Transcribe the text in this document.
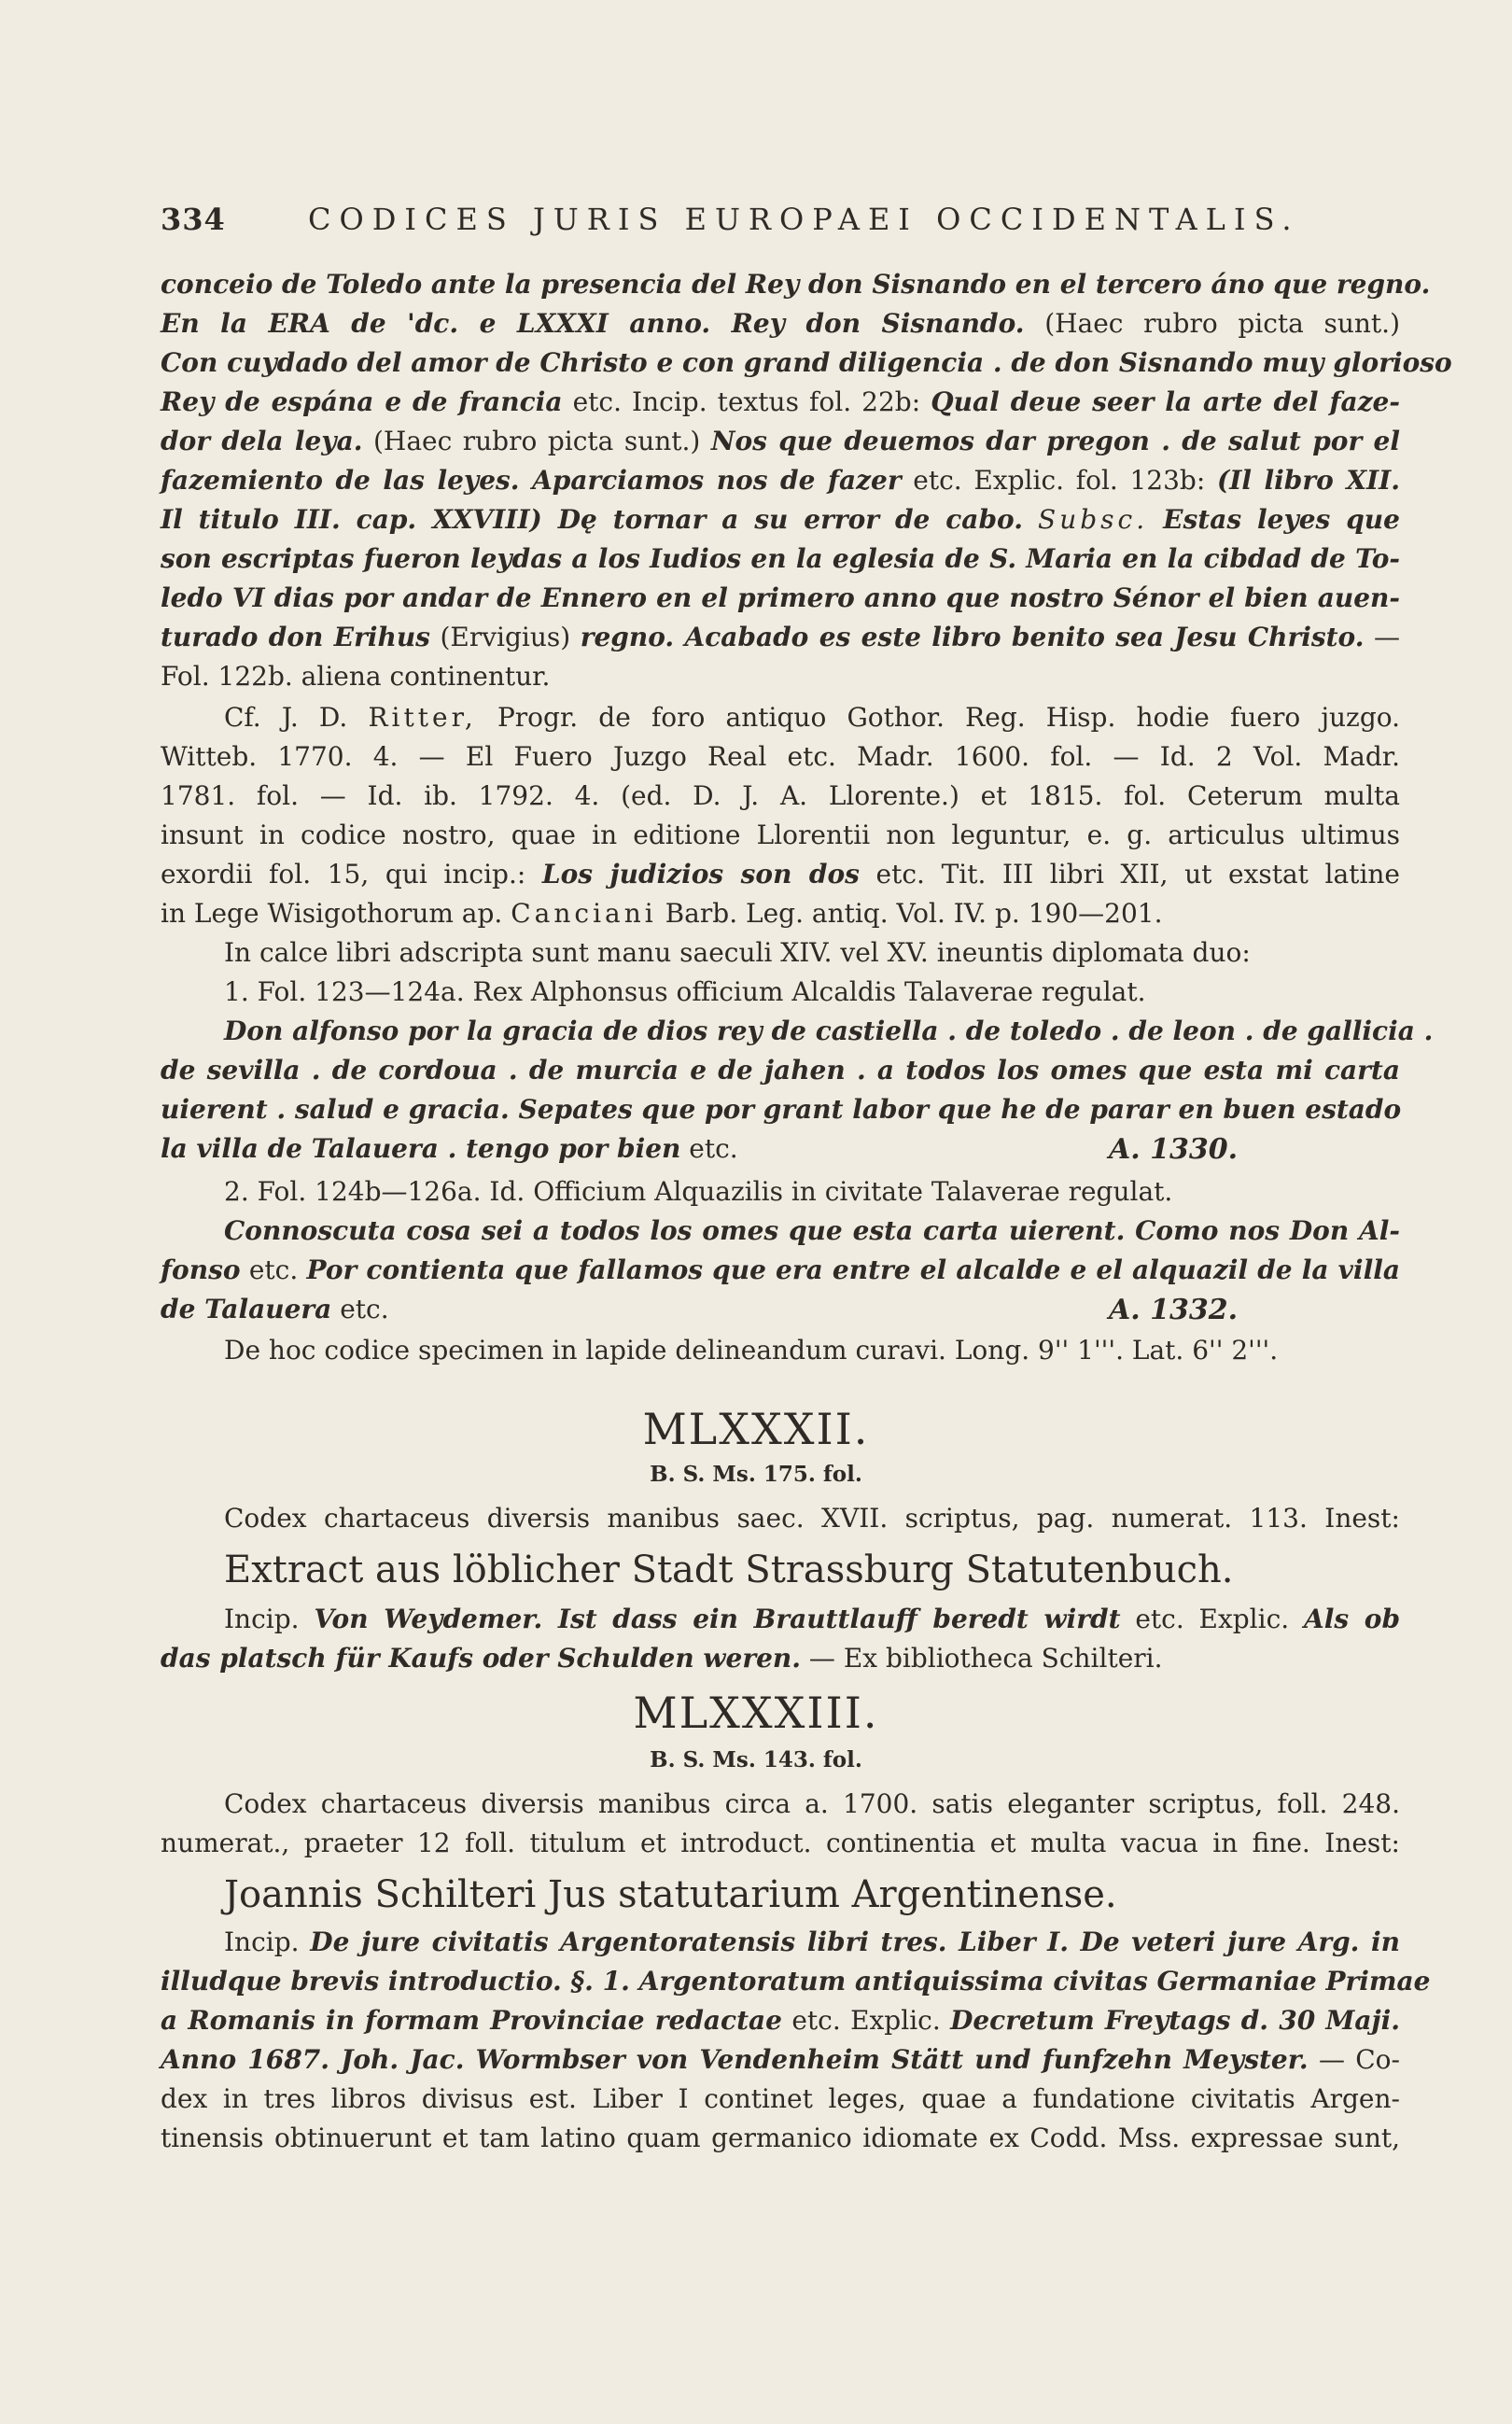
334	CODICES JURIS EUROPAEI OCCIDENTALIS.
conceio de Toledo ante la presencia del Rey don Sisnando en el tercero áno que regno.
En la ERA de 'dc. e LXXXI anno. Rey don Sisnando. (Haec rubro picta sunt.)
Con cuydado del amor de Christo e con grand diligencia . de don Sisnando muy glorioso
Rey de espána e de francia etc. Incip. textus fol. 22b: Qual deue seer la arte del faze-
dor dela leya. (Haec rubro picta sunt.) Nos que deuemos dar pregon . de salut por el
fazemiento de las leyes. Aparciamos nos de fazer etc. Explic. fol. 123b: (Il libro XII.
Il titulo III. cap. XXVIII) Dę tornar a su error de cabo. Subsc. Estas leyes que
son escriptas fueron leydas a los Iudios en la eglesia de S. Maria en la cibdad de To-
ledo VI dias por andar de Ennero en el primero anno que nostro Sénor el bien auen-
turado don Erihus (Ervigius) regno. Acabado es este libro benito sea Jesu Christo. —
Fol. 122b. aliena continentur.
Cf. J. D. Ritter, Progr. de foro antiquo Gothor. Reg. Hisp. hodie fuero juzgo.
Witteb. 1770. 4. — El Fuero Juzgo Real etc. Madr. 1600. fol. — Id. 2 Vol. Madr.
1781. fol. — Id. ib. 1792. 4. (ed. D. J. A. Llorente.) et 1815. fol. Ceterum multa
insunt in codice nostro, quae in editione Llorentii non leguntur, e. g. articulus ultimus
exordii fol. 15, qui incip.: Los judizios son dos etc. Tit. III libri XII, ut exstat latine
in Lege Wisigothorum ap. Canciani Barb. Leg. antiq. Vol. IV. p. 190—201.
In calce libri adscripta sunt manu saeculi XIV. vel XV. ineuntis diplomata duo:
1. Fol. 123—124a. Rex Alphonsus officium Alcaldis Talaverae regulat.
Don alfonso por la gracia de dios rey de castiella . de toledo . de leon . de gallicia .
de sevilla . de cordoua . de murcia e de jahen . a todos los omes que esta mi carta
uierent . salud e gracia. Sepates que por grant labor que he de parar en buen estado
la villa de Talauera . tengo por bien etc.	A. 1330.
2. Fol. 124b—126a. Id. Officium Alquazilis in civitate Talaverae regulat.
Connoscuta cosa sei a todos los omes que esta carta uierent. Como nos Don Al-
fonso etc. Por contienta que fallamos que era entre el alcalde e el alquazil de la villa
de Talauera etc.	A. 1332.
De hoc codice specimen in lapide delineandum curavi. Long. 9'' 1'''. Lat. 6'' 2'''.
MLXXXII.
B. S. Ms. 175. fol.
Codex chartaceus diversis manibus saec. XVII. scriptus, pag. numerat. 113. Inest:
Extract aus löblicher Stadt Strassburg Statutenbuch.
Incip. Von Weydemer. Ist dass ein Brauttlauff beredt wirdt etc. Explic. Als ob
das platsch für Kaufs oder Schulden weren. — Ex bibliotheca Schilteri.
MLXXXIII.
B. S. Ms. 143. fol.
Codex chartaceus diversis manibus circa a. 1700. satis eleganter scriptus, foll. 248.
numerat., praeter 12 foll. titulum et introduct. continentia et multa vacua in fine. Inest:
Joannis Schilteri Jus statutarium Argentinense.
Incip. De jure civitatis Argentoratensis libri tres. Liber I. De veteri jure Arg. in
illudque brevis introductio. §. 1. Argentoratum antiquissima civitas Germaniae Primae
a Romanis in formam Provinciae redactae etc. Explic. Decretum Freytags d. 30 Maji.
Anno 1687. Joh. Jac. Wormbser von Vendenheim Stätt und funfzehn Meyster. — Co-
dex in tres libros divisus est. Liber I continet leges, quae a fundatione civitatis Argen-
tinensis obtinuerunt et tam latino quam germanico idiomate ex Codd. Mss. expressae sunt,
